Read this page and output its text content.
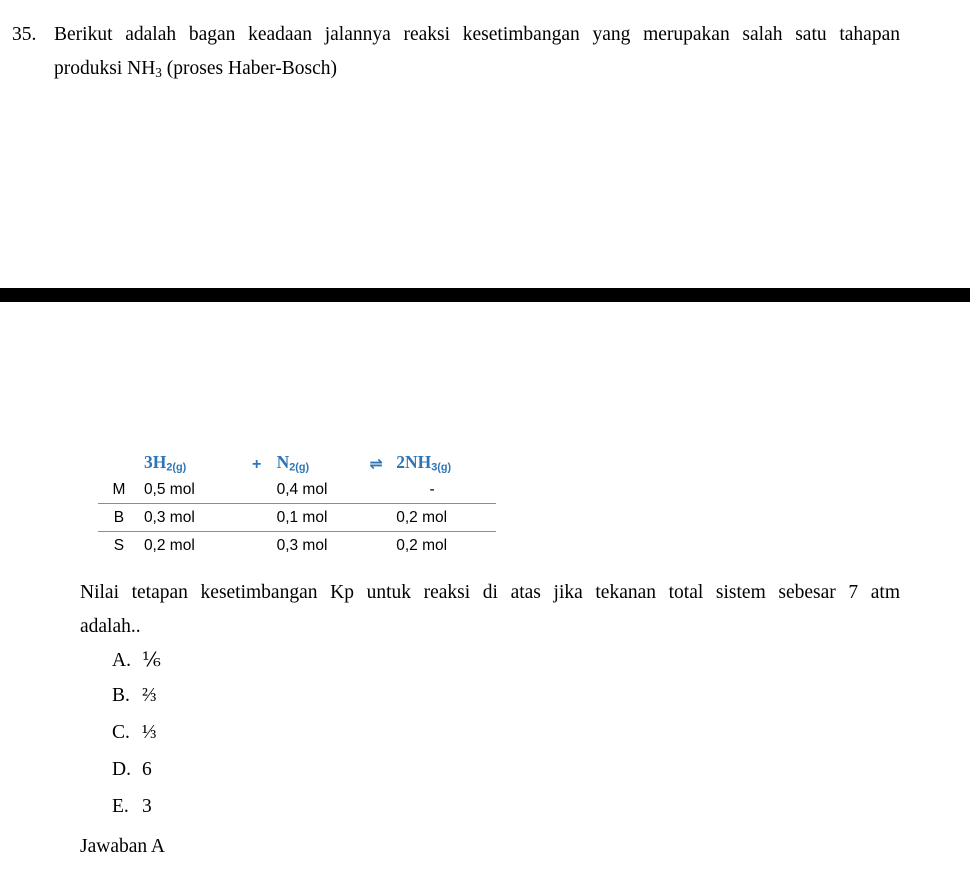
35. Berikut adalah bagan keadaan jalannya reaksi kesetimbangan yang merupakan salah satu tahapan
produksi $NH_3$ (proses Haber-Bosch)
	$3H_{2(g)}$	+	$N_{2(g)}$	⇌	$2NH_{3(g)}$
M	0,5 mol		0,4 mol		-
B	0,3 mol		0,1 mol		0,2 mol
S	0,2 mol		0,3 mol		0,2 mol
Nilai tetapan kesetimbangan Kp untuk reaksi di atas jika tekanan total sistem sebesar 7 atm
adalah..
A. ⅙
B. ⅔
C. ⅓
D. 6
E. 3
Jawaban A
